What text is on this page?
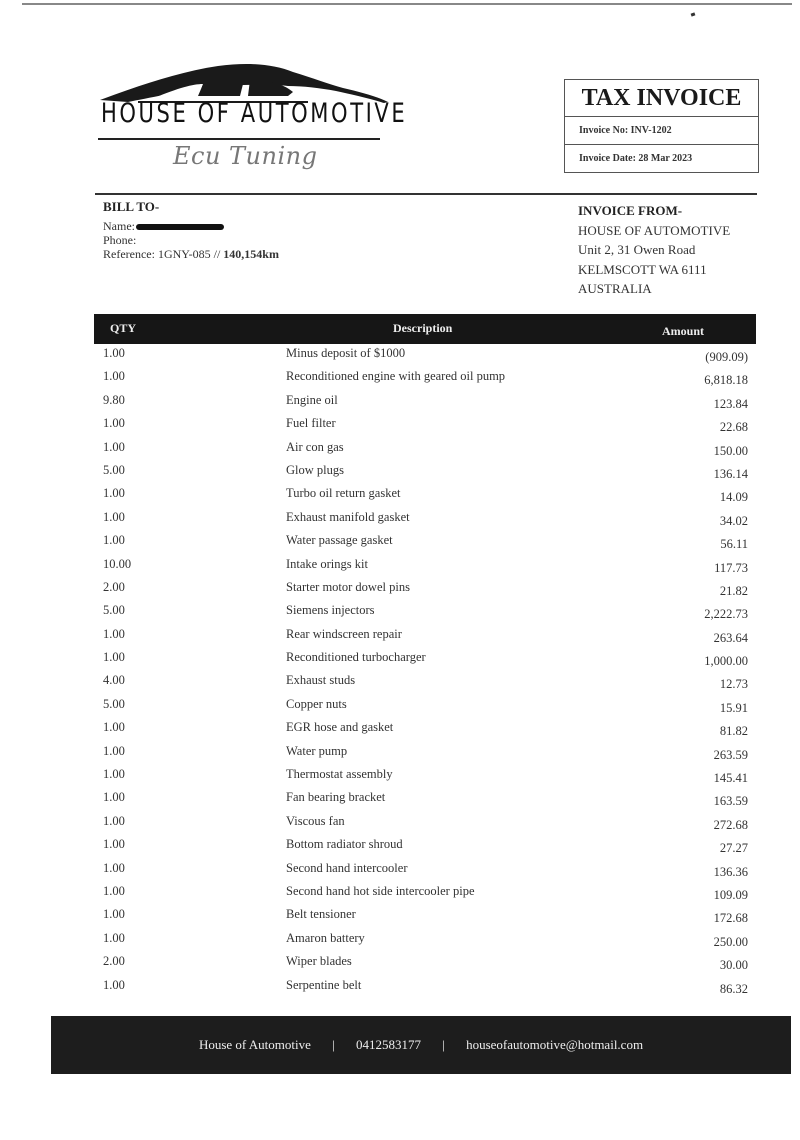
HOUSE OF AUTOMOTIVE
Ecu Tuning
TAX INVOICE
Invoice No: INV-1202
Invoice Date: 28 Mar 2023
BILL TO-
Name:
Phone:
Reference: 1GNY-085 // 140,154km
INVOICE FROM-
HOUSE OF AUTOMOTIVE
Unit 2, 31 Owen Road
KELMSCOTT WA 6111
AUSTRALIA
QTY	Description	Amount
1.00	Minus deposit of $1000	(909.09)
1.00	Reconditioned engine with geared oil pump	6,818.18
9.80	Engine oil	123.84
1.00	Fuel filter	22.68
1.00	Air con gas	150.00
5.00	Glow plugs	136.14
1.00	Turbo oil return gasket	14.09
1.00	Exhaust manifold gasket	34.02
1.00	Water passage gasket	56.11
10.00	Intake orings kit	117.73
2.00	Starter motor dowel pins	21.82
5.00	Siemens injectors	2,222.73
1.00	Rear windscreen repair	263.64
1.00	Reconditioned turbocharger	1,000.00
4.00	Exhaust studs	12.73
5.00	Copper nuts	15.91
1.00	EGR hose and gasket	81.82
1.00	Water pump	263.59
1.00	Thermostat assembly	145.41
1.00	Fan bearing bracket	163.59
1.00	Viscous fan	272.68
1.00	Bottom radiator shroud	27.27
1.00	Second hand intercooler	136.36
1.00	Second hand hot side intercooler pipe	109.09
1.00	Belt tensioner	172.68
1.00	Amaron battery	250.00
2.00	Wiper blades	30.00
1.00	Serpentine belt	86.32
House of Automotive | 0412583177 | houseofautomotive@hotmail.com
